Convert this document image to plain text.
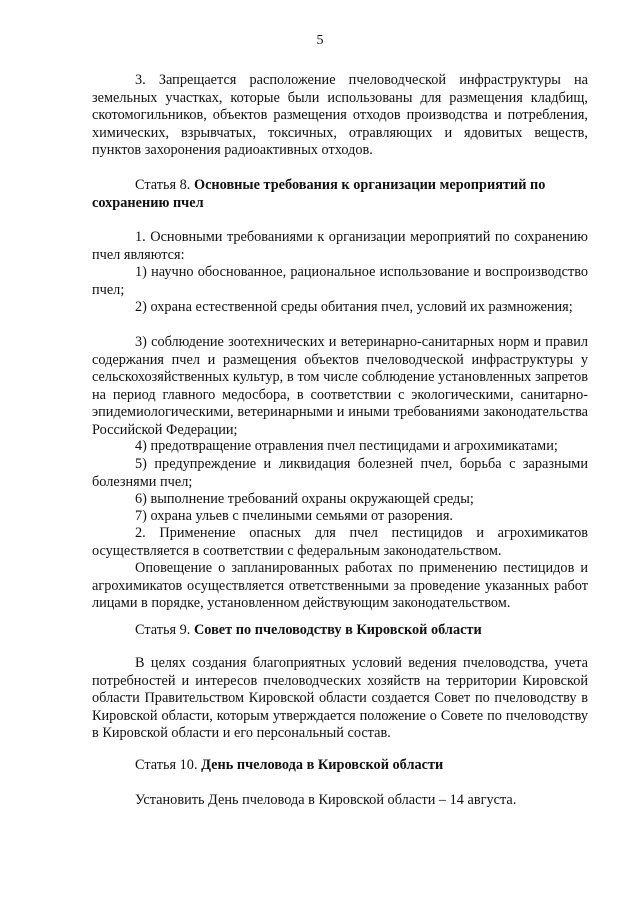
5

3. Запрещается расположение пчеловодческой инфраструктуры на земельных участках, которые были использованы для размещения кладбищ, скотомогильников, объектов размещения отходов производства и потребления, химических, взрывчатых, токсичных, отравляющих и ядовитых веществ, пунктов захоронения радиоактивных отходов.

Статья 8. Основные требования к организации мероприятий по сохранению пчел

1. Основными требованиями к организации мероприятий по сохранению пчел являются:

1) научно обоснованное, рациональное использование и воспроизводство пчел;

2) охрана естественной среды обитания пчел, условий их размножения;

3) соблюдение зоотехнических и ветеринарно-санитарных норм и правил содержания пчел и размещения объектов пчеловодческой инфраструктуры у сельскохозяйственных культур, в том числе соблюдение установленных запретов на период главного медосбора, в соответствии с экологическими, санитарно-эпидемиологическими, ветеринарными и иными требованиями законодательства Российской Федерации;

4) предотвращение отравления пчел пестицидами и агрохимикатами;

5) предупреждение и ликвидация болезней пчел, борьба с заразными болезнями пчел;

6) выполнение требований охраны окружающей среды;

7) охрана ульев с пчелиными семьями от разорения.

2. Применение опасных для пчел пестицидов и агрохимикатов осуществляется в соответствии с федеральным законодательством.

Оповещение о запланированных работах по применению пестицидов и агрохимикатов осуществляется ответственными за проведение указанных работ лицами в порядке, установленном действующим законодательством.

Статья 9. Совет по пчеловодству в Кировской области

В целях создания благоприятных условий ведения пчеловодства, учета потребностей и интересов пчеловодческих хозяйств на территории Кировской области Правительством Кировской области создается Совет по пчеловодству в Кировской области, которым утверждается положение о Совете по пчеловодству в Кировской области и его персональный состав.

Статья 10. День пчеловода в Кировской области

Установить День пчеловода в Кировской области – 14 августа.
